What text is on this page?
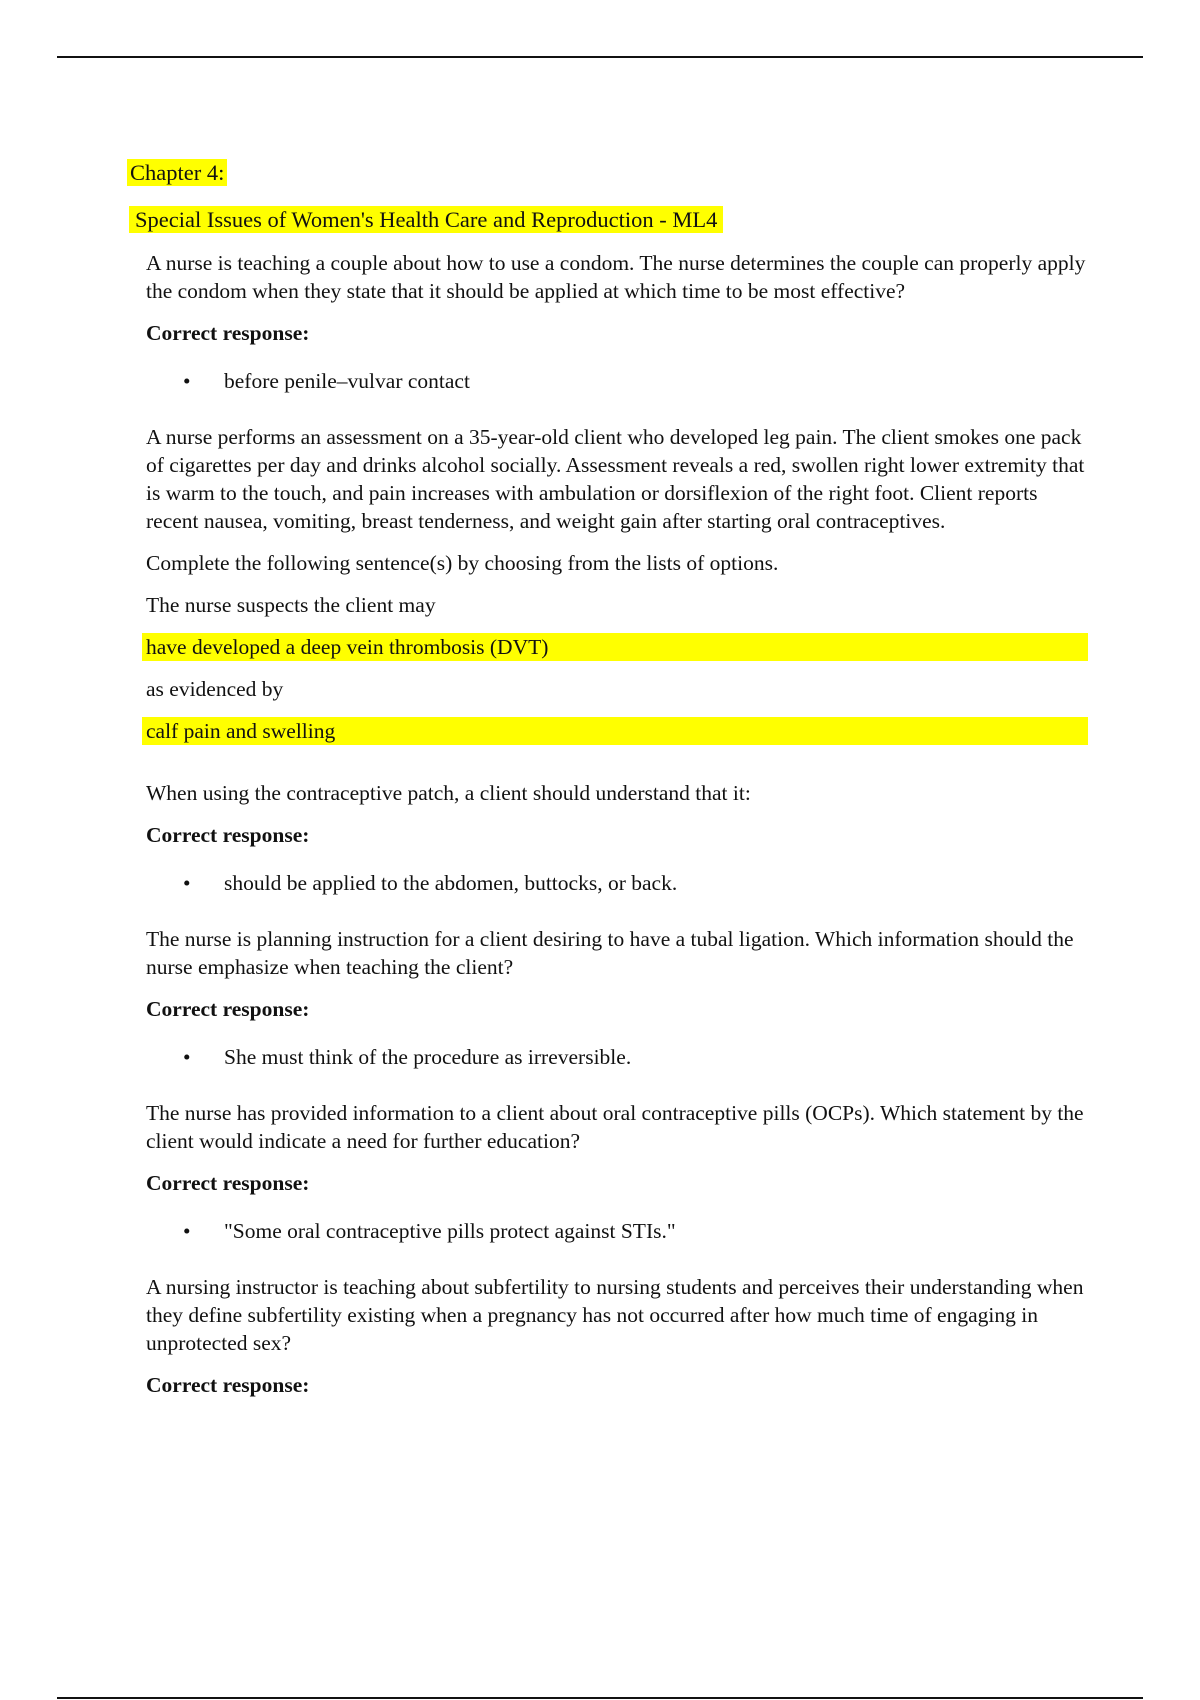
Chapter 4:
Special Issues of Women's Health Care and Reproduction - ML4

A nurse is teaching a couple about how to use a condom. The nurse determines the couple can properly apply the condom when they state that it should be applied at which time to be most effective?

Correct response:

• before penile–vulvar contact

A nurse performs an assessment on a 35-year-old client who developed leg pain. The client smokes one pack of cigarettes per day and drinks alcohol socially. Assessment reveals a red, swollen right lower extremity that is warm to the touch, and pain increases with ambulation or dorsiflexion of the right foot. Client reports recent nausea, vomiting, breast tenderness, and weight gain after starting oral contraceptives.

Complete the following sentence(s) by choosing from the lists of options.

The nurse suspects the client may

have developed a deep vein thrombosis (DVT)

as evidenced by

calf pain and swelling

When using the contraceptive patch, a client should understand that it:

Correct response:

• should be applied to the abdomen, buttocks, or back.

The nurse is planning instruction for a client desiring to have a tubal ligation. Which information should the nurse emphasize when teaching the client?

Correct response:

• She must think of the procedure as irreversible.

The nurse has provided information to a client about oral contraceptive pills (OCPs). Which statement by the client would indicate a need for further education?

Correct response:

• "Some oral contraceptive pills protect against STIs."

A nursing instructor is teaching about subfertility to nursing students and perceives their understanding when they define subfertility existing when a pregnancy has not occurred after how much time of engaging in unprotected sex?

Correct response:
